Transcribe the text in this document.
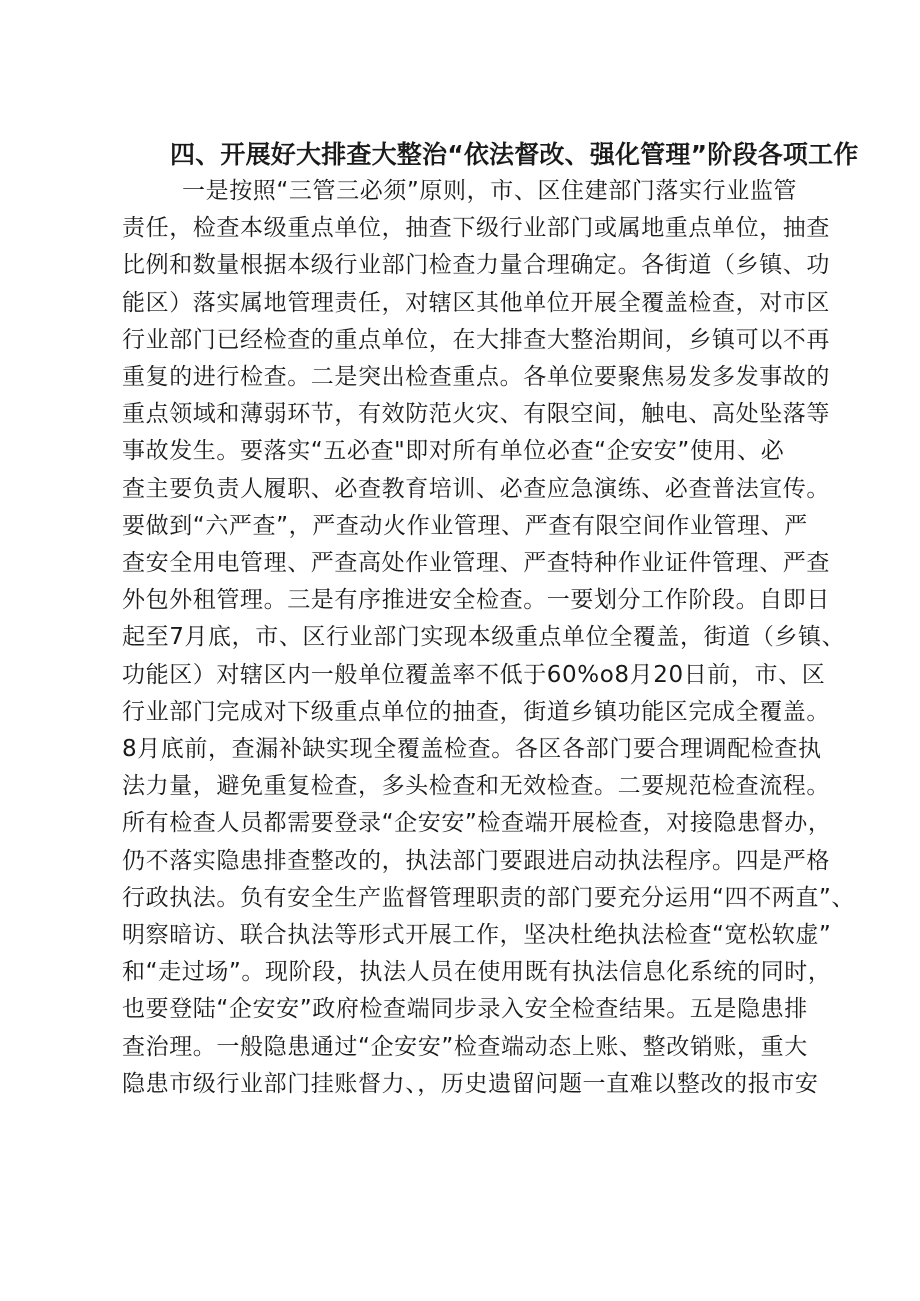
四、开展好大排查大整治“依法督改、强化管理”阶段各项工作
一是按照“三管三必须”原则，市、区住建部门落实行业监管
责任，检查本级重点单位，抽查下级行业部门或属地重点单位，抽查
比例和数量根据本级行业部门检查力量合理确定。各街道（乡镇、功
能区）落实属地管理责任，对辖区其他单位开展全覆盖检查，对市区
行业部门已经检查的重点单位，在大排查大整治期间，乡镇可以不再
重复的进行检查。二是突出检查重点。各单位要聚焦易发多发事故的
重点领域和薄弱环节，有效防范火灾、有限空间，触电、高处坠落等
事故发生。要落实“五必查"即对所有单位必查“企安安”使用、必
查主要负责人履职、必查教育培训、必查应急演练、必查普法宣传。
要做到“六严查”，严查动火作业管理、严查有限空间作业管理、严
查安全用电管理、严查高处作业管理、严查特种作业证件管理、严查
外包外租管理。三是有序推进安全检查。一要划分工作阶段。自即日
起至7月底，市、区行业部门实现本级重点单位全覆盖，街道（乡镇、
功能区）对辖区内一般单位覆盖率不低于60%o8月20日前，市、区
行业部门完成对下级重点单位的抽查，街道乡镇功能区完成全覆盖。
8月底前，查漏补缺实现全覆盖检查。各区各部门要合理调配检查执
法力量，避免重复检查，多头检查和无效检查。二要规范检查流程。
所有检查人员都需要登录“企安安”检查端开展检查，对接隐患督办，
仍不落实隐患排查整改的，执法部门要跟进启动执法程序。四是严格
行政执法。负有安全生产监督管理职责的部门要充分运用“四不两直”、
明察暗访、联合执法等形式开展工作，坚决杜绝执法检查“宽松软虚”
和“走过场”。现阶段，执法人员在使用既有执法信息化系统的同时，
也要登陆“企安安”政府检查端同步录入安全检查结果。五是隐患排
查治理。一般隐患通过“企安安”检查端动态上账、整改销账，重大
隐患市级行业部门挂账督力、，历史遗留问题一直难以整改的报市安
